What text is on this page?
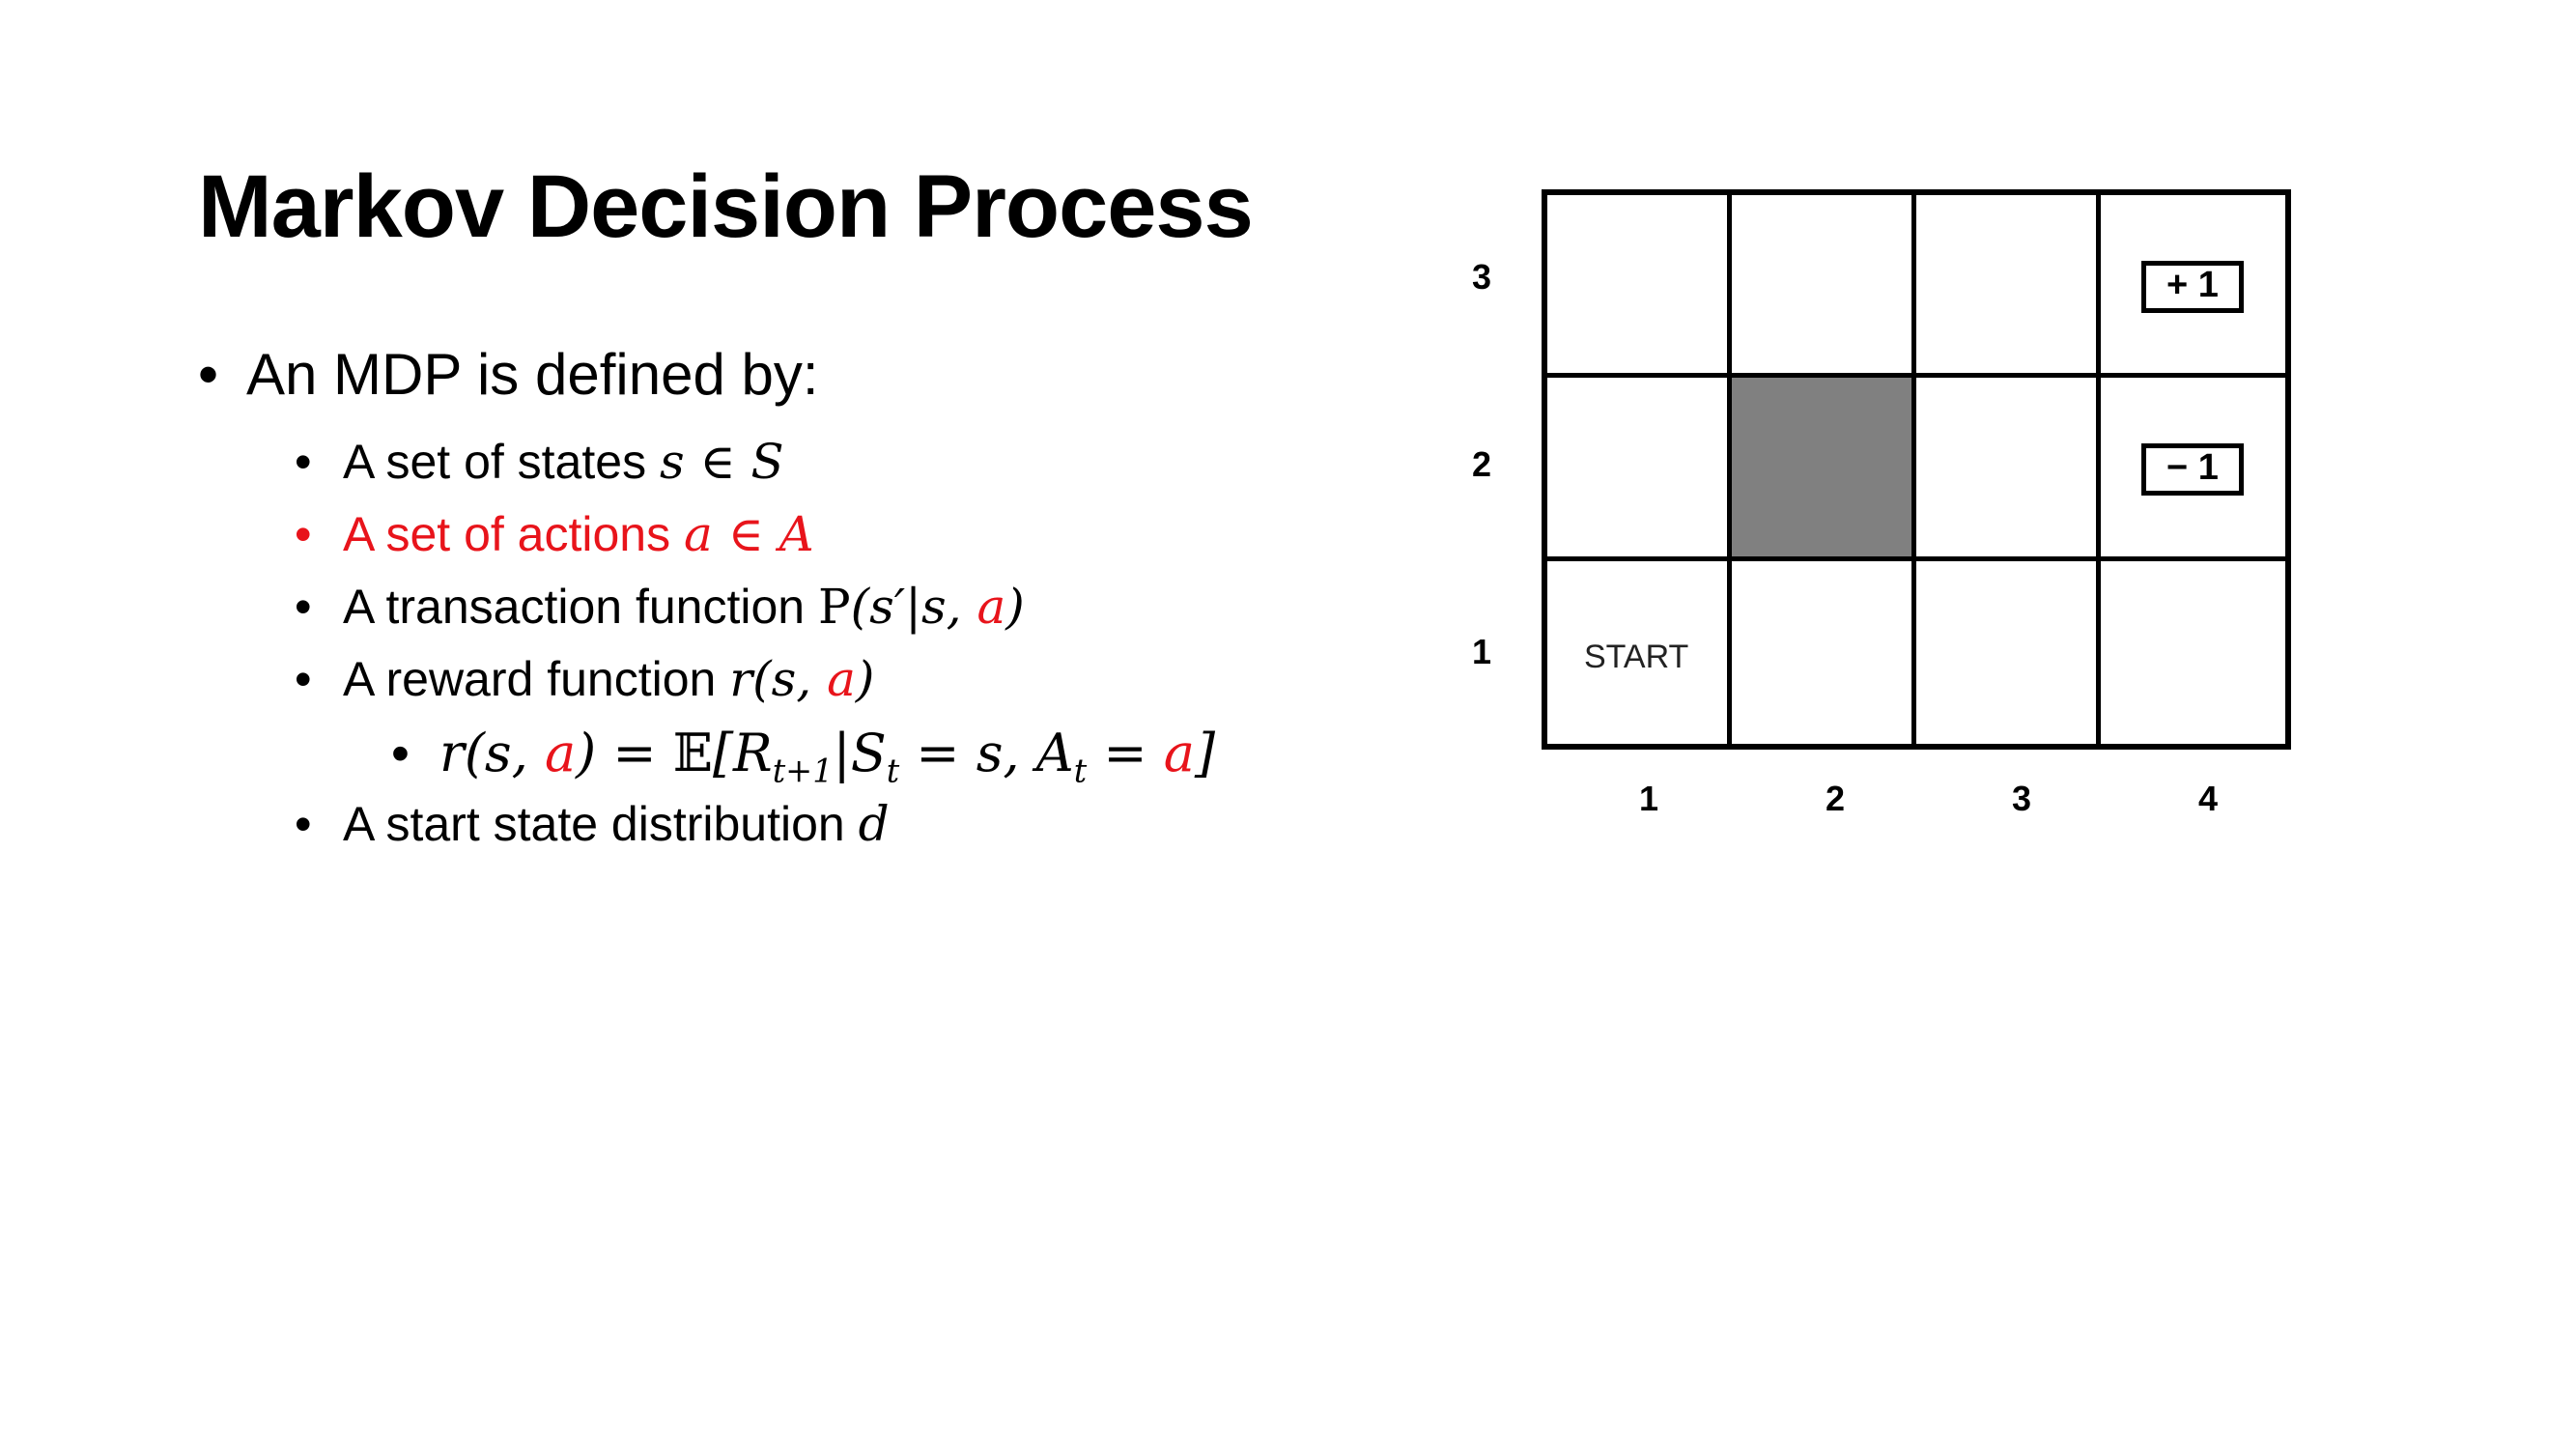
Markov Decision Process
• An MDP is defined by:
• A set of states s ∈ S
• A set of actions a ∈ A
• A transaction function P(s′|s, a)
• A reward function r(s, a)
• r(s, $a) = 𝔼[R_{t+1}|S_t = s$, $A_t = a$]
• A start state distribution d
3
2
1
+ 1
− 1
START
1	2	3	4
